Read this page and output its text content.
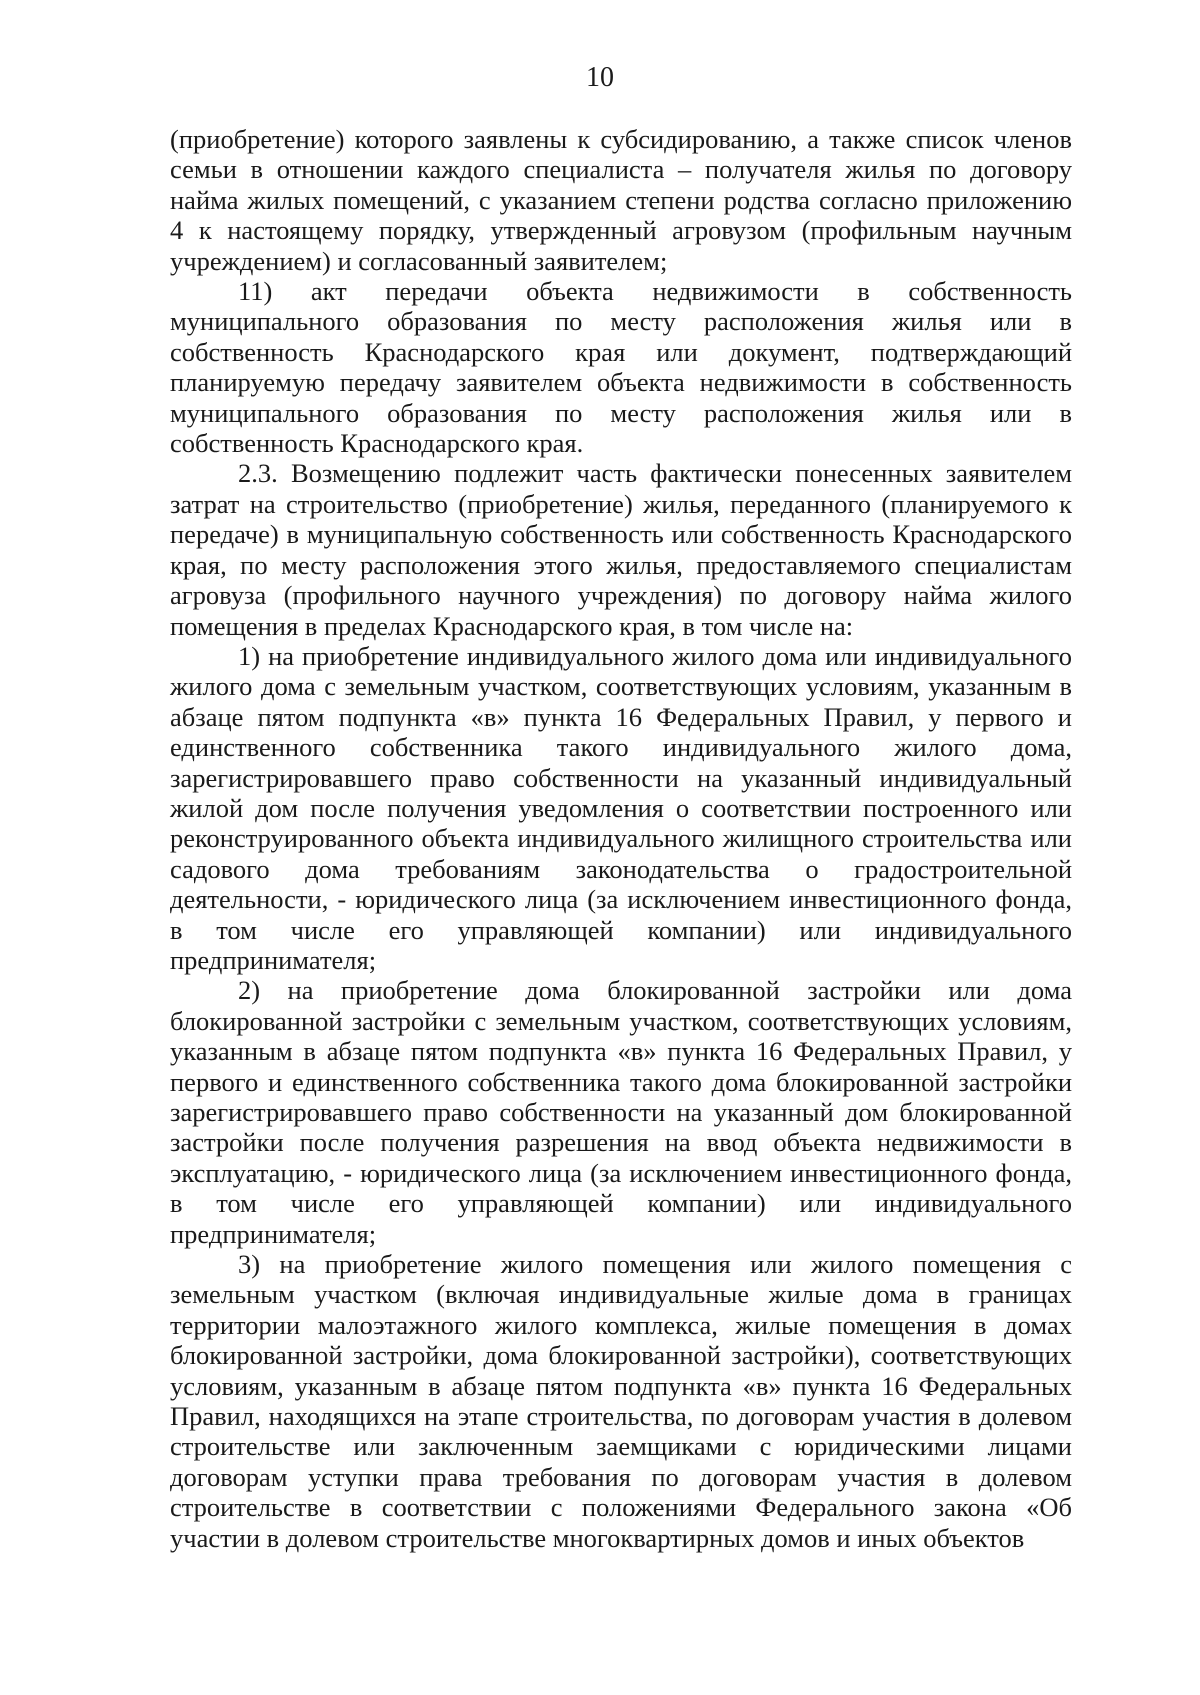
10

(приобретение) которого заявлены к субсидированию, а также список членов семьи в отношении каждого специалиста – получателя жилья по договору найма жилых помещений, с указанием степени родства согласно приложению 4 к настоящему порядку, утвержденный агровузом (профильным научным учреждением) и согласованный заявителем;

11) акт передачи объекта недвижимости в собственность муниципального образования по месту расположения жилья или в собственность Краснодарского края или документ, подтверждающий планируемую передачу заявителем объекта недвижимости в собственность муниципального образования по месту расположения жилья или в собственность Краснодарского края.

2.3. Возмещению подлежит часть фактически понесенных заявителем затрат на строительство (приобретение) жилья, переданного (планируемого к передаче) в муниципальную собственность или собственность Краснодарского края, по месту расположения этого жилья, предоставляемого специалистам агровуза (профильного научного учреждения) по договору найма жилого помещения в пределах Краснодарского края, в том числе на:

1) на приобретение индивидуального жилого дома или индивидуального жилого дома с земельным участком, соответствующих условиям, указанным в абзаце пятом подпункта «в» пункта 16 Федеральных Правил, у первого и единственного собственника такого индивидуального жилого дома, зарегистрировавшего право собственности на указанный индивидуальный жилой дом после получения уведомления о соответствии построенного или реконструированного объекта индивидуального жилищного строительства или садового дома требованиям законодательства о градостроительной деятельности, - юридического лица (за исключением инвестиционного фонда, в том числе его управляющей компании) или индивидуального предпринимателя;

2) на приобретение дома блокированной застройки или дома блокированной застройки с земельным участком, соответствующих условиям, указанным в абзаце пятом подпункта «в» пункта 16 Федеральных Правил, у первого и единственного собственника такого дома блокированной застройки зарегистрировавшего право собственности на указанный дом блокированной застройки после получения разрешения на ввод объекта недвижимости в эксплуатацию, - юридического лица (за исключением инвестиционного фонда, в том числе его управляющей компании) или индивидуального предпринимателя;

3) на приобретение жилого помещения или жилого помещения с земельным участком (включая индивидуальные жилые дома в границах территории малоэтажного жилого комплекса, жилые помещения в домах блокированной застройки, дома блокированной застройки), соответствующих условиям, указанным в абзаце пятом подпункта «в» пункта 16 Федеральных Правил, находящихся на этапе строительства, по договорам участия в долевом строительстве или заключенным заемщиками с юридическими лицами договорам уступки права требования по договорам участия в долевом строительстве в соответствии с положениями Федерального закона «Об участии в долевом строительстве многоквартирных домов и иных объектов
